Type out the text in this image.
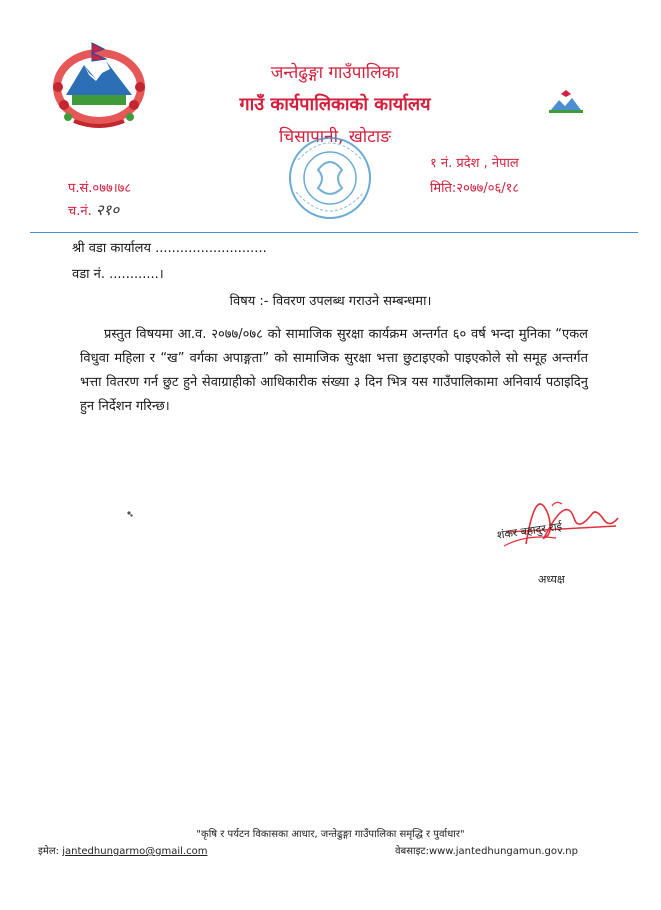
जन्तेढुङ्गा गाउँपालिका
गाउँ कार्यपालिकाको कार्यालय
चिसापानी, खोटाङ
१ नं. प्रदेश , नेपाल
मिति:२०७७/०६/१८
प.सं.०७७।७८
च.नं. २१०
श्री वडा कार्यालय ...........................
वडा नं. ............।
विषय :- विवरण उपलब्ध गराउने सम्बन्धमा।
प्रस्तुत विषयमा आ.व. २०७७/०७८ को सामाजिक सुरक्षा कार्यक्रम अन्तर्गत ६० वर्ष भन्दा मुनिका “एकल विधुवा महिला र “ख” वर्गका अपाङ्गता” को सामाजिक सुरक्षा भत्ता छुटाइएको पाइएकोले सो समूह अन्तर्गत भत्ता वितरण गर्न छुट हुने सेवाग्राहीको आधिकारीक संख्या ३ दिन भित्र यस गाउँपालिकामा अनिवार्य पठाइदिनु हुन निर्देशन गरिन्छ।
शंकर बहादुर राई
अध्यक्ष
"कृषि र पर्यटन विकासका आधार, जन्तेढुङ्गा गाउँपालिका समृद्धि र पुर्वाधार"
इमेल: jantedhungarmo@gmail.com	वेबसाइट:www.jantedhungamun.gov.np
